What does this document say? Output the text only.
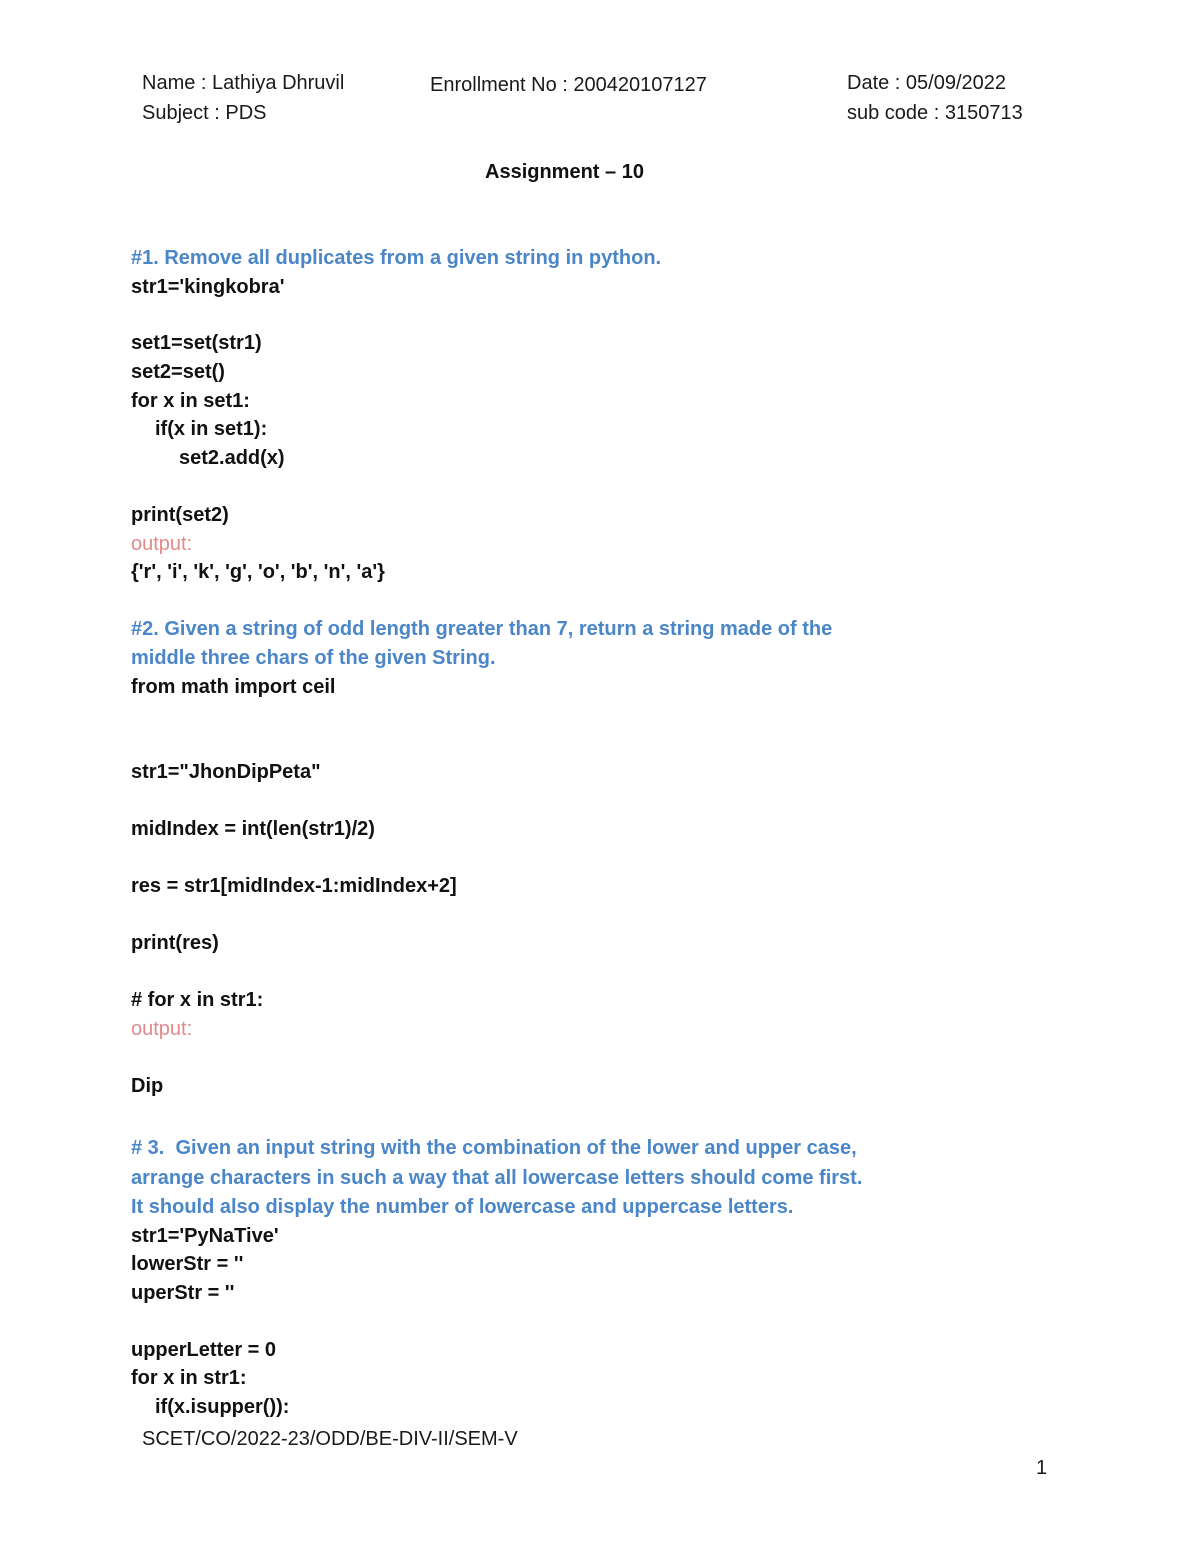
Name : Lathiya Dhruvil
Subject : PDS
Enrollment No : 200420107127	Date : 05/09/2022
sub code : 3150713
Assignment – 10
#1. Remove all duplicates from a given string in python.
str1='kingkobra'
set1=set(str1)
set2=set()
for x in set1:
if(x in set1):
set2.add(x)
print(set2)
output:
{'r', 'i', 'k', 'g', 'o', 'b', 'n', 'a'}
#2. Given a string of odd length greater than 7, return a string made of the
middle three chars of the given String.
from math import ceil
str1="JhonDipPeta"
midIndex = int(len(str1)/2)
res = str1[midIndex-1:midIndex+2]
print(res)
# for x in str1:
output:
Dip
# 3.  Given an input string with the combination of the lower and upper case,
arrange characters in such a way that all lowercase letters should come first.
It should also display the number of lowercase and uppercase letters.
str1='PyNaTive'
lowerStr = ''
uperStr = ''
upperLetter = 0
for x in str1:
if(x.isupper()):
SCET/CO/2022-23/ODD/BE-DIV-II/SEM-V
1
